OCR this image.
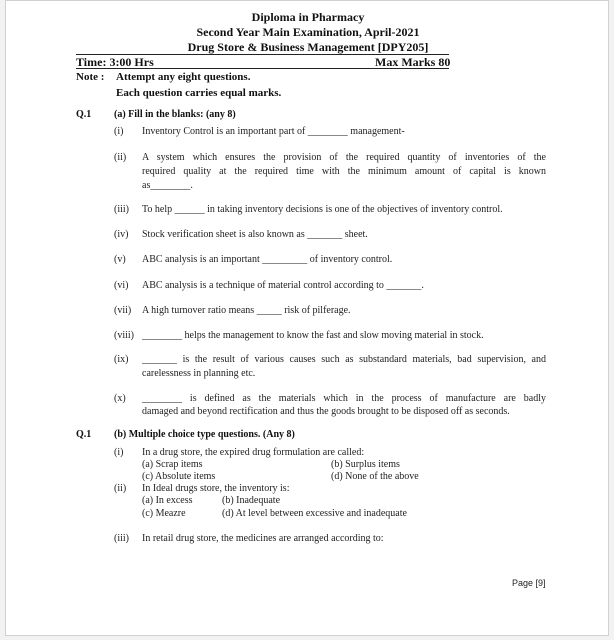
Diploma in Pharmacy
Second Year Main Examination, April-2021
Drug Store & Business Management [DPY205]
Time: 3:00 Hrs	Max Marks 80
Note : Attempt any eight questions.
Each question carries equal marks.
Q.1 (a) Fill in the blanks: (any 8)
(i) Inventory Control is an important part of ________ management-
(ii) A system which ensures the provision of the required quantity of inventories of the
required quality at the required time with the minimum amount of capital is known
as________.
(iii) To help ______ in taking inventory decisions is one of the objectives of inventory control.
(iv) Stock verification sheet is also known as _______ sheet.
(v) ABC analysis is an important _________ of inventory control.
(vi) ABC analysis is a technique of material control according to _______.
(vii) A high turnover ratio means _____ risk of pilferage.
(viii) ________ helps the management to know the fast and slow moving material in stock.
(ix) _______ is the result of various causes such as substandard materials, bad supervision, and
carelessness in planning etc.
(x) ________ is defined as the materials which in the process of manufacture are badly
damaged and beyond rectification and thus the goods brought to be disposed off as seconds.
Q.1 (b) Multiple choice type questions. (Any 8)
(i) In a drug store, the expired drug formulation are called:
(a) Scrap items	(b) Surplus items
(c) Absolute items	(d) None of the above
(ii) In Ideal drugs store, the inventory is:
(a) In excess	(b) Inadequate
(c) Meazre	(d) At level between excessive and inadequate
(iii) In retail drug store, the medicines are arranged according to:
Page [9]
